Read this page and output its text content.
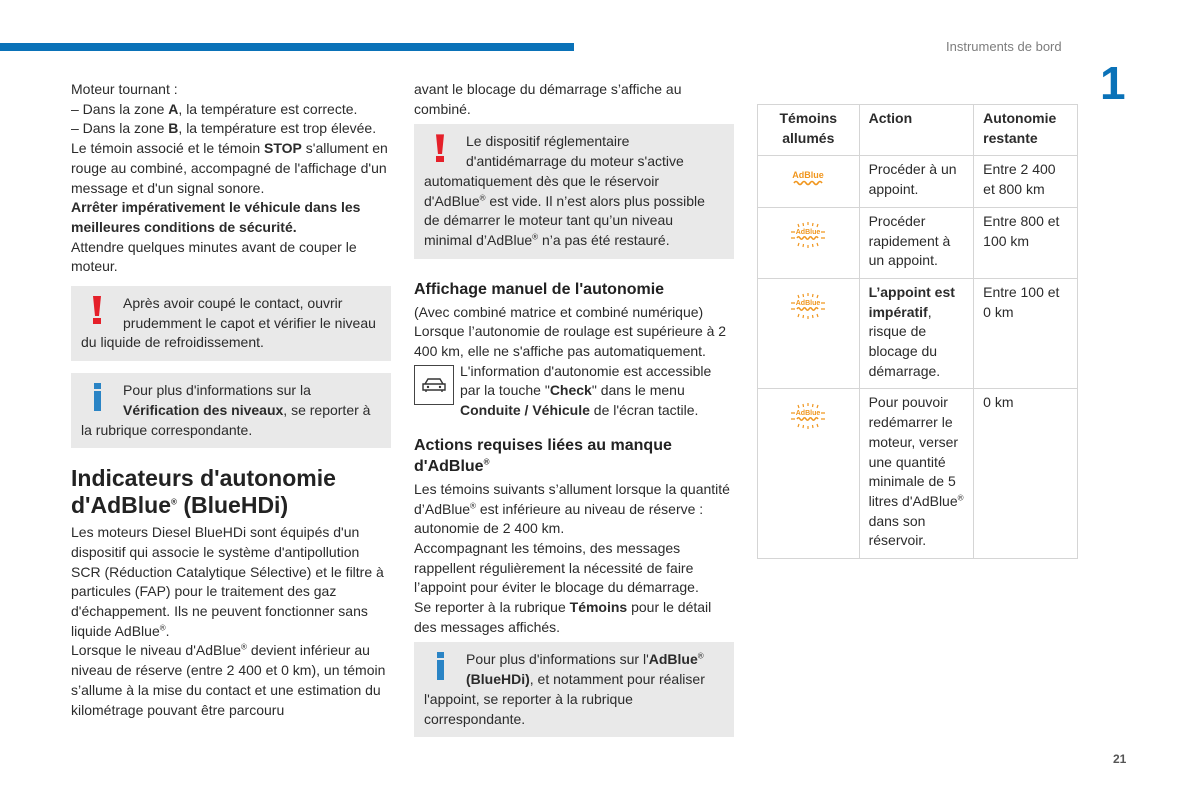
Instruments de bord
1
21

Moteur tournant :

– Dans la zone A, la température est correcte.

– Dans la zone B, la température est trop élevée. Le témoin associé et le témoin STOP s'allument en rouge au combiné, accompagné de l'affichage d'un message et d'un signal sonore.

Arrêter impérativement le véhicule dans les meilleures conditions de sécurité.

Attendre quelques minutes avant de couper le moteur.

Après avoir coupé le contact, ouvrir prudemment le capot et vérifier le niveau du liquide de refroidissement.
Pour plus d'informations sur la Vérification des niveaux, se reporter à la rubrique correspondante.
Indicateurs d'autonomie d'AdBlue® (BlueHDi)

Les moteurs Diesel BlueHDi sont équipés d'un dispositif qui associe le système d'antipollution SCR (Réduction Catalytique Sélective) et le filtre à particules (FAP) pour le traitement des gaz d'échappement. Ils ne peuvent fonctionner sans liquide AdBlue®.

Lorsque le niveau d'AdBlue® devient inférieur au niveau de réserve (entre 2 400 et 0 km), un témoin s’allume à la mise du contact et une estimation du kilométrage pouvant être parcouru

avant le blocage du démarrage s’affiche au combiné.

Le dispositif réglementaire d'antidémarrage du moteur s'active automatiquement dès que le réservoir d'AdBlue® est vide. Il n’est alors plus possible de démarrer le moteur tant qu’un niveau minimal d’AdBlue® n’a pas été restauré.
Affichage manuel de l'autonomie

(Avec combiné matrice et combiné numérique)

Lorsque l’autonomie de roulage est supérieure à 2 400 km, elle ne s'affiche pas automatiquement.

L'information d'autonomie est accessible par la touche "Check" dans le menu Conduite / Véhicule de l'écran tactile.

Actions requises liées au manque d'AdBlue®

Les témoins suivants s’allument lorsque la quantité d’AdBlue® est inférieure au niveau de réserve : autonomie de 2 400 km.

Accompagnant les témoins, des messages rappellent régulièrement la nécessité de faire l’appoint pour éviter le blocage du démarrage.

Se reporter à la rubrique Témoins pour le détail des messages affichés.

Pour plus d'informations sur l'AdBlue® (BlueHDi), et notamment pour réaliser l'appoint, se reporter à la rubrique correspondante.
Témoins allumés	Action	Autonomie restante

AdBlue	Procéder à un appoint.	Entre 2 400 et 800 km

AdBlue	Procéder rapidement à un appoint.	Entre 800 et 100 km

AdBlue	L’appoint est impératif, risque de blocage du démarrage.	Entre 100 et 0 km

AdBlue	Pour pouvoir redémarrer le moteur, verser une quantité minimale de 5 litres d'AdBlue® dans son réservoir.	0 km
